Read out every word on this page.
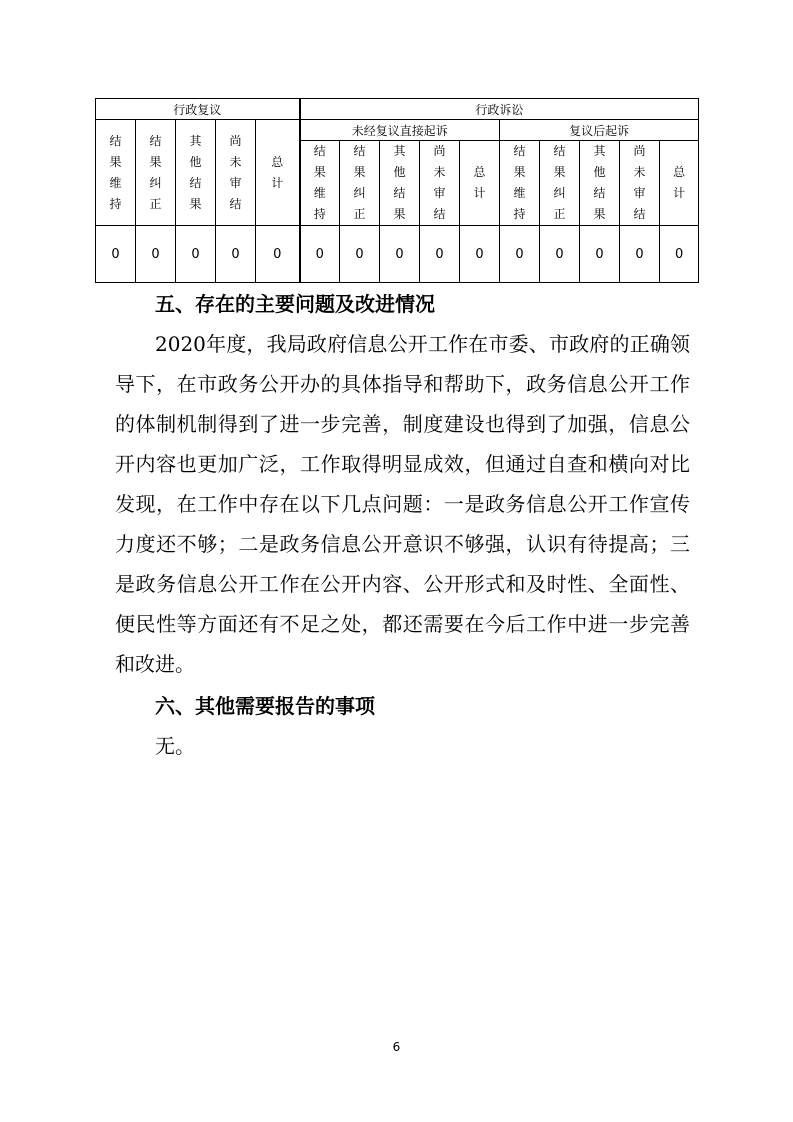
行政复议					行政诉讼									
结果维持	结果纠正	其他结果	尚未审结	总计	未经复议直接起诉					复议后起诉				
					结果维持	结果纠正	其他结果	尚未审结	总计	结果维持	结果纠正	其他结果	尚未审结	总计
0	0	0	0	0	0	0	0	0	0	0	0	0	0	0
五、存在的主要问题及改进情况

2020年度，我局政府信息公开工作在市委、市政府的正确领导下，在市政务公开办的具体指导和帮助下，政务信息公开工作的体制机制得到了进一步完善，制度建设也得到了加强，信息公开内容也更加广泛，工作取得明显成效，但通过自查和横向对比发现，在工作中存在以下几点问题：一是政务信息公开工作宣传力度还不够；二是政务信息公开意识不够强，认识有待提高；三是政务信息公开工作在公开内容、公开形式和及时性、全面性、便民性等方面还有不足之处，都还需要在今后工作中进一步完善和改进。

六、其他需要报告的事项

无。

6
